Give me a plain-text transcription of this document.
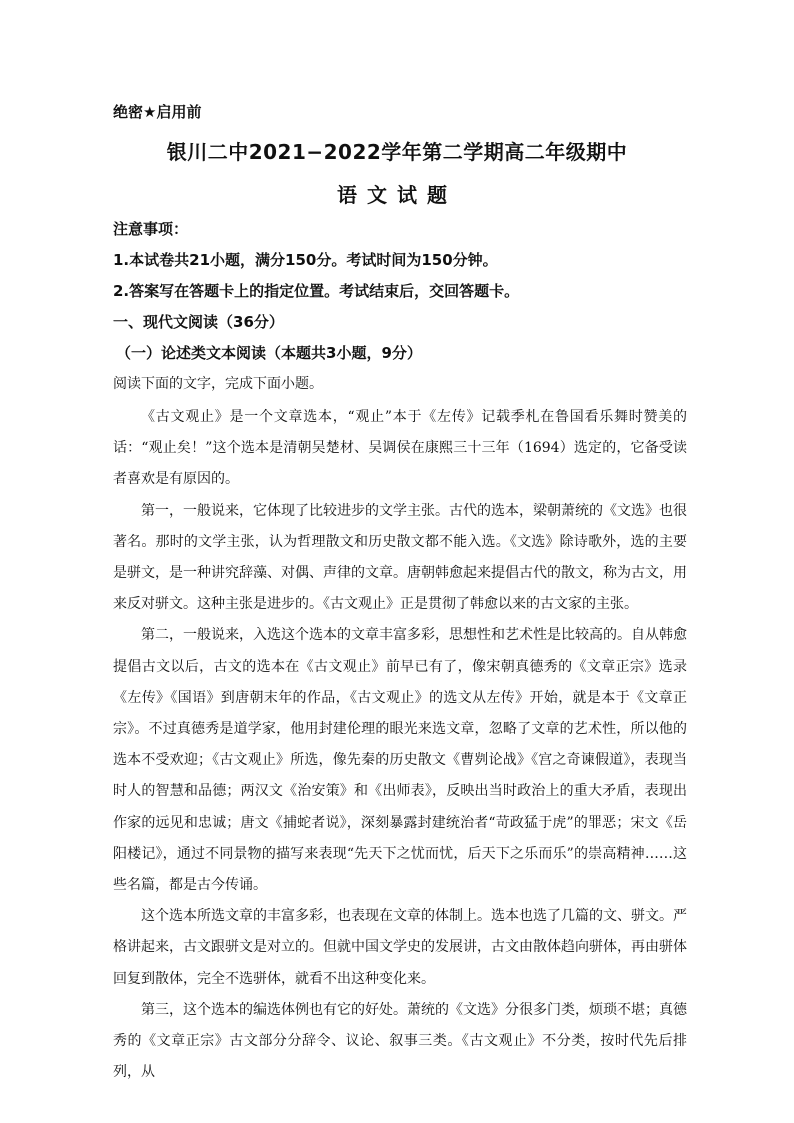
绝密★启用前
银川二中2021−2022学年第二学期高二年级期中
语文试题
注意事项：
1.本试卷共21小题，满分150分。考试时间为150分钟。
2.答案写在答题卡上的指定位置。考试结束后，交回答题卡。
一、现代文阅读（36分）
（一）论述类文本阅读（本题共3小题，9分）
阅读下面的文字，完成下面小题。

《古文观止》是一个文章选本，“观止”本于《左传》记载季札在鲁国看乐舞时赞美的话：“观止矣！”这个选本是清朝吴楚材、吴调侯在康熙三十三年（1694）选定的，它备受读者喜欢是有原因的。

第一，一般说来，它体现了比较进步的文学主张。古代的选本，梁朝萧统的《文选》也很著名。那时的文学主张，认为哲理散文和历史散文都不能入选。《文选》除诗歌外，选的主要是骈文，是一种讲究辞藻、对偶、声律的文章。唐朝韩愈起来提倡古代的散文，称为古文，用来反对骈文。这种主张是进步的。《古文观止》正是贯彻了韩愈以来的古文家的主张。

第二，一般说来，入选这个选本的文章丰富多彩，思想性和艺术性是比较高的。自从韩愈提倡古文以后，古文的选本在《古文观止》前早已有了，像宋朝真德秀的《文章正宗》选录《左传》《国语》到唐朝末年的作品，《古文观止》的选文从左传》开始，就是本于《文章正宗》。不过真德秀是道学家，他用封建伦理的眼光来选文章，忽略了文章的艺术性，所以他的选本不受欢迎；《古文观止》所选，像先秦的历史散文《曹刿论战》《宫之奇谏假道》，表现当时人的智慧和品德；两汉文《治安策》和《出师表》，反映出当时政治上的重大矛盾，表现出作家的远见和忠诚；唐文《捕蛇者说》，深刻暴露封建统治者“苛政猛于虎”的罪恶；宋文《岳阳楼记》，通过不同景物的描写来表现“先天下之忧而忧，后天下之乐而乐”的崇高精神……这些名篇，都是古今传诵。

这个选本所选文章的丰富多彩，也表现在文章的体制上。选本也选了几篇的文、骈文。严格讲起来，古文跟骈文是对立的。但就中国文学史的发展讲，古文由散体趋向骈体，再由骈体回复到散体，完全不选骈体，就看不出这种变化来。

第三，这个选本的编选体例也有它的好处。萧统的《文选》分很多门类，烦琐不堪；真德秀的《文章正宗》古文部分分辞令、议论、叙事三类。《古文观止》不分类，按时代先后排列，从
